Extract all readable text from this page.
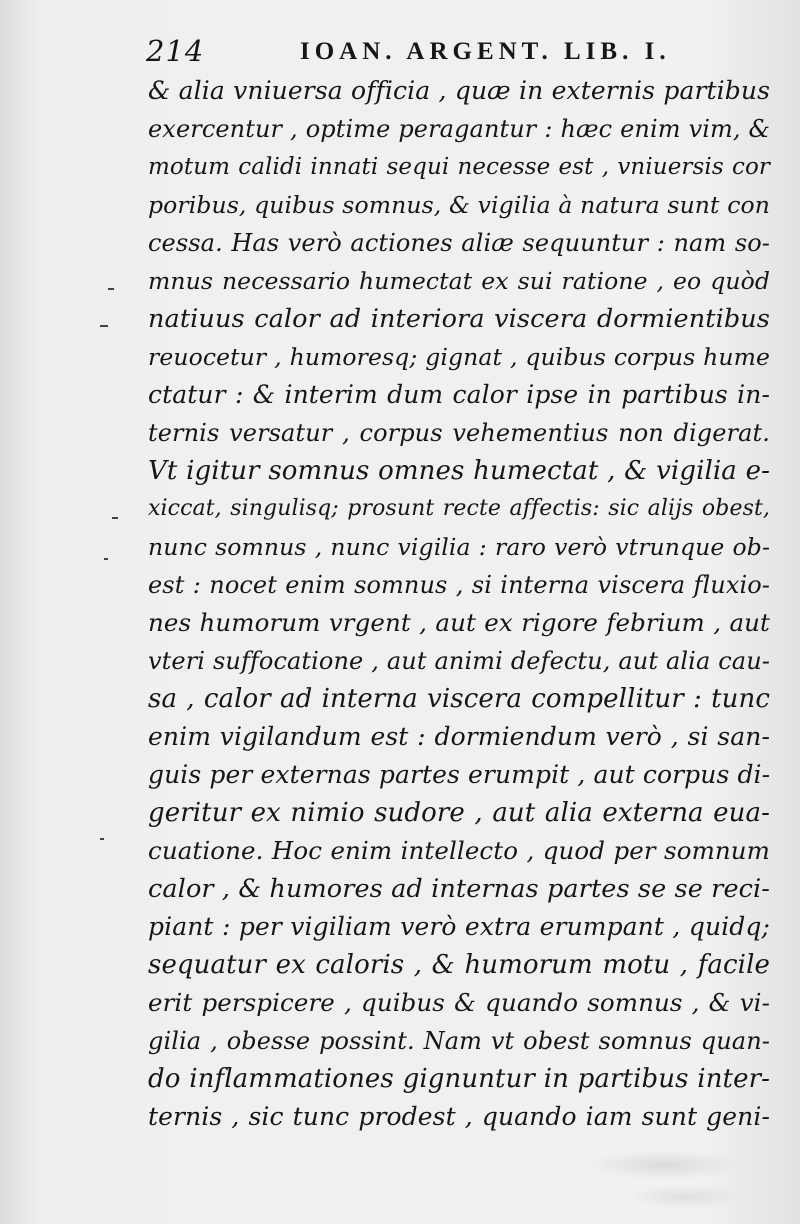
214	IOAN. ARGENT. LIB. I.
& alia vniuersa officia , quæ in externis partibus
exercentur , optime peragantur : hæc enim vim, &
motum calidi innati sequi necesse est , vniuersis cor
poribus, quibus somnus, & vigilia à natura sunt con
cessa. Has verò actiones aliæ sequuntur : nam so-
mnus necessario humectat ex sui ratione , eo quòd
natiuus calor ad interiora viscera dormientibus
reuocetur , humoresq; gignat , quibus corpus hume
ctatur : & interim dum calor ipse in partibus in-
ternis versatur , corpus vehementius non digerat.
Vt igitur somnus omnes humectat , & vigilia e-
xiccat, singulisq; prosunt recte affectis: sic alijs obest,
nunc somnus , nunc vigilia : raro verò vtrunque ob-
est : nocet enim somnus , si interna viscera fluxio-
nes humorum vrgent , aut ex rigore febrium , aut
vteri suffocatione , aut animi defectu, aut alia cau-
sa , calor ad interna viscera compellitur : tunc
enim vigilandum est : dormiendum verò , si san-
guis per externas partes erumpit , aut corpus di-
geritur ex nimio sudore , aut alia externa eua-
cuatione. Hoc enim intellecto , quod per somnum
calor , & humores ad internas partes se se reci-
piant : per vigiliam verò extra erumpant , quidq;
sequatur ex caloris , & humorum motu , facile
erit perspicere , quibus & quando somnus , & vi-
gilia , obesse possint. Nam vt obest somnus quan-
do inflammationes gignuntur in partibus inter-
ternis , sic tunc prodest , quando iam sunt geni-
